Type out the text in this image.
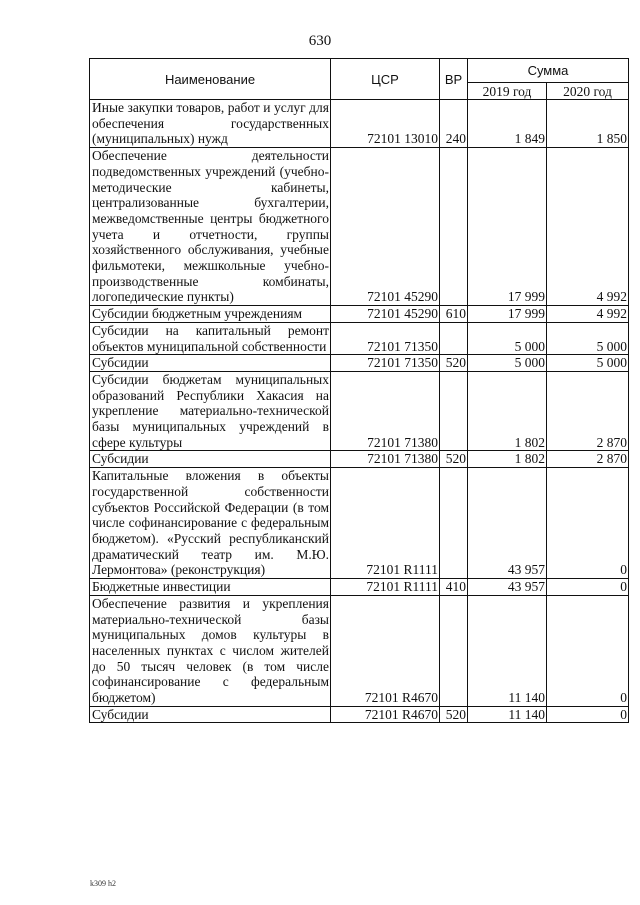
630
Наименование	ЦСР	ВР	Сумма	
			2019 год	2020 год
Иные закупки товаров, работ и услуг для обеспечения государственных (муниципальных) нужд	72101 13010	240	1 849	1 850
Обеспечение деятельности подведомственных учреждений (учебно-методические кабинеты, централизованные бухгалтерии, межведомственные центры бюджетного учета и отчетности, группы хозяйственного обслуживания, учебные фильмотеки, межшкольные учебно-производственные комбинаты, логопедические пункты)	72101 45290		17 999	4 992
Субсидии бюджетным учреждениям	72101 45290	610	17 999	4 992
Субсидии на капитальный ремонт объектов муниципальной собственности	72101 71350		5 000	5 000
Субсидии	72101 71350	520	5 000	5 000
Субсидии бюджетам муниципальных образований Республики Хакасия на укрепление материально-технической базы муниципальных учреждений в сфере культуры	72101 71380		1 802	2 870
Субсидии	72101 71380	520	1 802	2 870
Капитальные вложения в объекты государственной собственности субъектов Российской Федерации (в том числе софинансирование с федеральным бюджетом). «Русский республиканский драматический театр им. М.Ю. Лермонтова» (реконструкция)	72101 R1111		43 957	0
Бюджетные инвестиции	72101 R1111	410	43 957	0
Обеспечение развития и укрепления материально-технической базы муниципальных домов культуры в населенных пунктах с числом жителей до 50 тысяч человек (в том числе софинансирование с федеральным бюджетом)	72101 R4670		11 140	0
Субсидии	72101 R4670	520	11 140	0
k309 h2
